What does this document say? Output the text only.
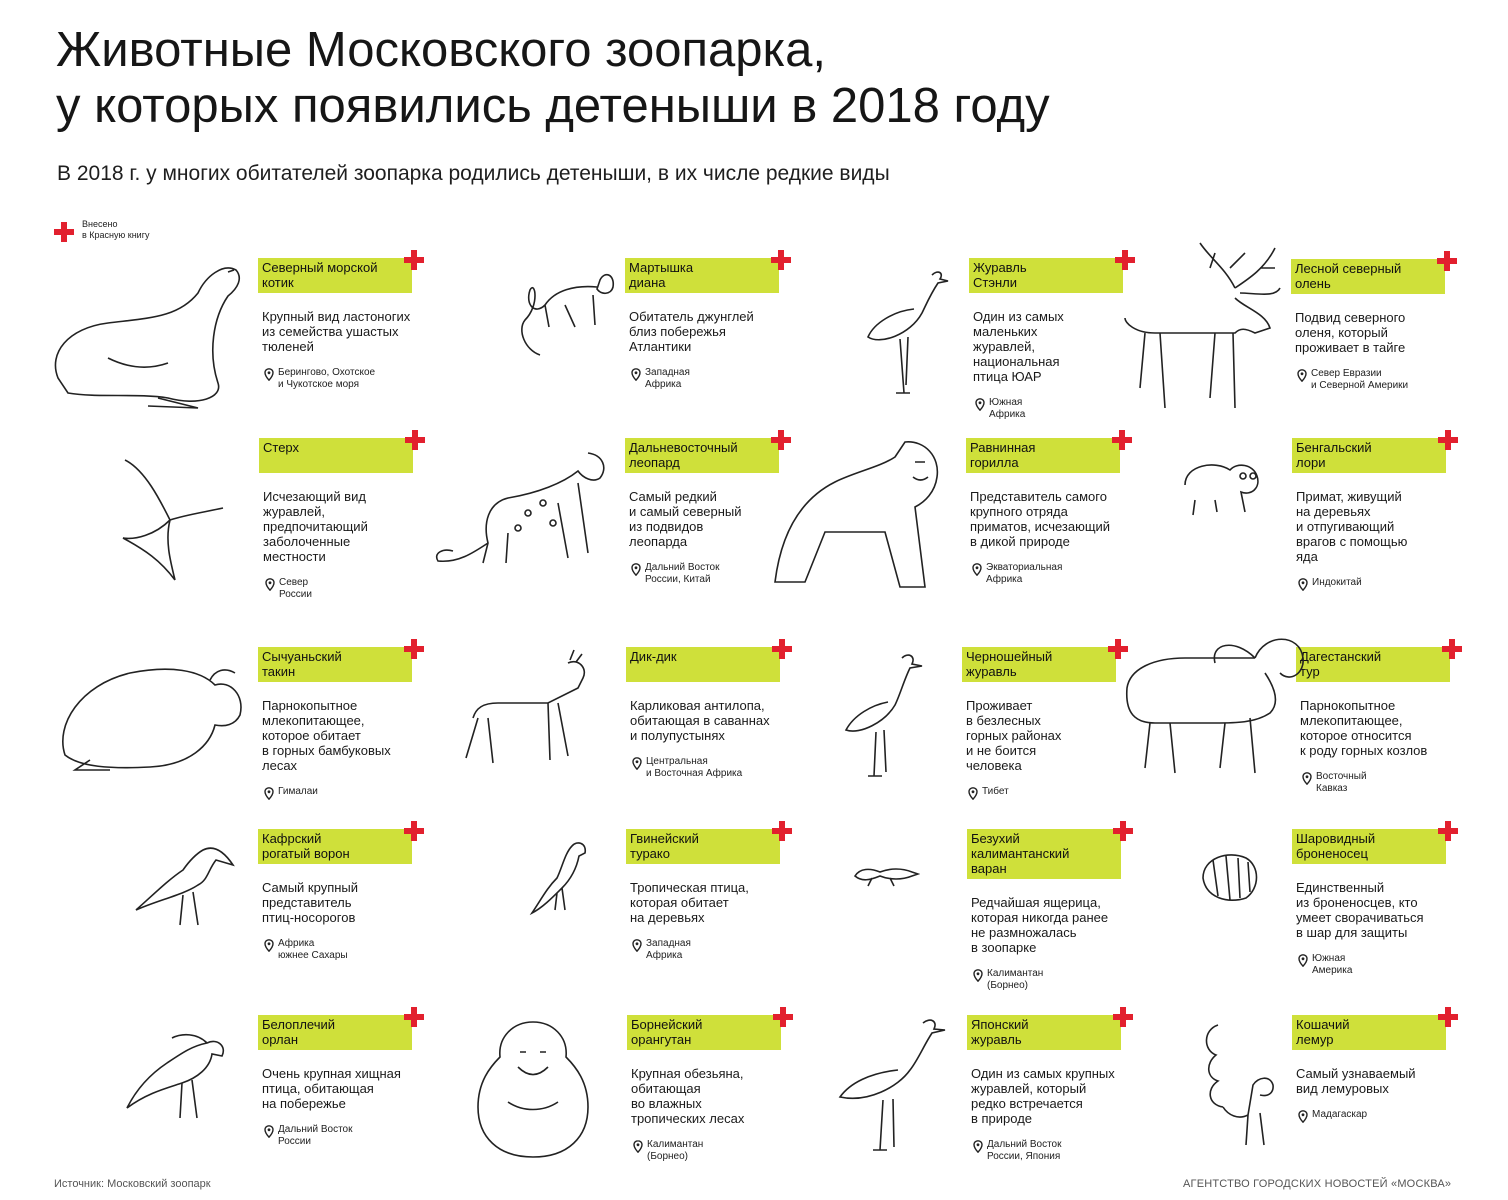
Животные Московского зоопарка,
у которых появились детеныши в 2018 году
В 2018 г. у многих обитателей зоопарка родились детеныши, в их числе редкие виды
Внесено
в Красную книгу
Северный морской
котик
Крупный вид ластоногих
из семейства ушастых
тюленей
Берингово, Охотское
и Чукотское моря
Мартышка
диана
Обитатель джунглей
близ побережья
Атлантики
Западная
Африка
Журавль
Стэнли
Один из самых
маленьких
журавлей,
национальная
птица ЮАР
Южная
Африка
Лесной северный
олень
Подвид северного
оленя, который
проживает в тайге
Север Евразии
и Северной Америки
Стерх
Исчезающий вид
журавлей,
предпочитающий
заболоченные
местности
Север
России
Дальневосточный
леопард
Самый редкий
и самый северный
из подвидов
леопарда
Дальний Восток
России, Китай
Равнинная
горилла
Представитель самого
крупного отряда
приматов, исчезающий
в дикой природе
Экваториальная
Африка
Бенгальский
лори
Примат, живущий
на деревьях
и отпугивающий
врагов с помощью
яда
Индокитай
Сычуаньский
такин
Парнокопытное
млекопитающее,
которое обитает
в горных бамбуковых
лесах
Гималаи
Дик-дик
Карликовая антилопа,
обитающая в саваннах
и полупустынях
Центральная
и Восточная Африка
Черношейный
журавль
Проживает
в безлесных
горных районах
и не боится
человека
Тибет
Дагестанский
тур
Парнокопытное
млекопитающее,
которое относится
к роду горных козлов
Восточный
Кавказ
Кафрский
рогатый ворон
Самый крупный
представитель
птиц-носорогов
Африка
южнее Сахары
Гвинейский
турако
Тропическая птица,
которая обитает
на деревьях
Западная
Африка
Безухий
калимантанский
варан
Редчайшая ящерица,
которая никогда ранее
не размножалась
в зоопарке
Калимантан
(Борнео)
Шаровидный
броненосец
Единственный
из броненосцев, кто
умеет сворачиваться
в шар для защиты
Южная
Америка
Белоплечий
орлан
Очень крупная хищная
птица, обитающая
на побережье
Дальний Восток
России
Борнейский
орангутан
Крупная обезьяна,
обитающая
во влажных
тропических лесах
Калимантан
(Борнео)
Японский
журавль
Один из самых крупных
журавлей, который
редко встречается
в природе
Дальний Восток
России, Япония
Кошачий
лемур
Самый узнаваемый
вид лемуровых
Мадагаскар
Источник: Московский зоопарк	АГЕНТСТВО ГОРОДСКИХ НОВОСТЕЙ «МОСКВА»
